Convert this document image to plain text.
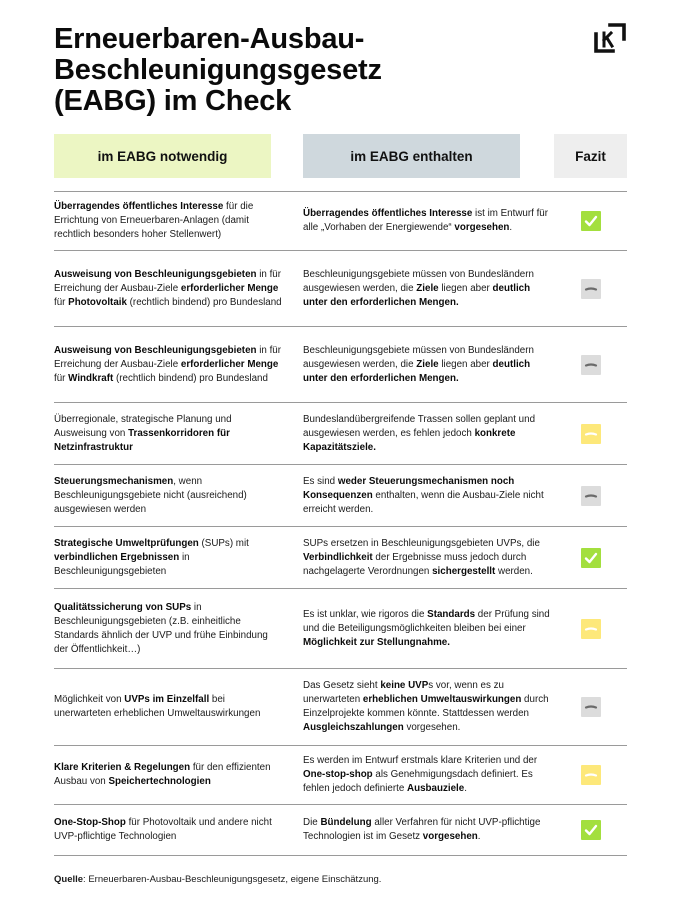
Erneuerbaren-Ausbau-
Beschleunigungsgesetz
(EABG) im Check
im EABG notwendig	im EABG enthalten	Fazit
Überragendes öffentliches Interesse für die Errichtung von Erneuerbaren-Anlagen (damit rechtlich besonders hoher Stellenwert)
Überragendes öffentliches Interesse ist im Entwurf für alle „Vorhaben der Energiewende“ vorgesehen.
Ausweisung von Beschleunigungsgebieten in für Erreichung der Ausbau-Ziele erforderlicher Menge für Photovoltaik (rechtlich bindend) pro Bundesland
Beschleunigungsgebiete müssen von Bundesländern ausgewiesen werden, die Ziele liegen aber deutlich unter den erforderlichen Mengen.
Ausweisung von Beschleunigungsgebieten in für Erreichung der Ausbau-Ziele erforderlicher Menge für Windkraft (rechtlich bindend) pro Bundesland
Beschleunigungsgebiete müssen von Bundesländern ausgewiesen werden, die Ziele liegen aber deutlich unter den erforderlichen Mengen.
Überregionale, strategische Planung und Ausweisung von Trassenkorridoren für Netzinfrastruktur
Bundeslandübergreifende Trassen sollen geplant und ausgewiesen werden, es fehlen jedoch konkrete Kapazitätsziele.
Steuerungsmechanismen, wenn Beschleunigungsgebiete nicht (ausreichend) ausgewiesen werden
Es sind weder Steuerungsmechanismen noch Konsequenzen enthalten, wenn die Ausbau-Ziele nicht erreicht werden.
Strategische Umweltprüfungen (SUPs) mit verbindlichen Ergebnissen in Beschleunigungsgebieten
SUPs ersetzen in Beschleunigungsgebieten UVPs, die Verbindlichkeit der Ergebnisse muss jedoch durch nachgelagerte Verordnungen sichergestellt werden.
Qualitätssicherung von SUPs in Beschleunigungsgebieten (z.B. einheitliche Standards ähnlich der UVP und frühe Einbindung der Öffentlichkeit…)
Es ist unklar, wie rigoros die Standards der Prüfung sind und die Beteiligungsmöglichkeiten bleiben bei einer Möglichkeit zur Stellungnahme.
Möglichkeit von UVPs im Einzelfall bei unerwarteten erheblichen Umweltauswirkungen
Das Gesetz sieht keine UVPs vor, wenn es zu unerwarteten erheblichen Umweltauswirkungen durch Einzelprojekte kommen könnte. Stattdessen werden Ausgleichszahlungen vorgesehen.
Klare Kriterien & Regelungen für den effizienten Ausbau von Speichertechnologien
Es werden im Entwurf erstmals klare Kriterien und der One-stop-shop als Genehmigungsdach definiert. Es fehlen jedoch definierte Ausbauziele.
One-Stop-Shop für Photovoltaik und andere nicht UVP-pflichtige Technologien
Die Bündelung aller Verfahren für nicht UVP-pflichtige Technologien ist im Gesetz vorgesehen.
Quelle: Erneuerbaren-Ausbau-Beschleunigungsgesetz, eigene Einschätzung.
